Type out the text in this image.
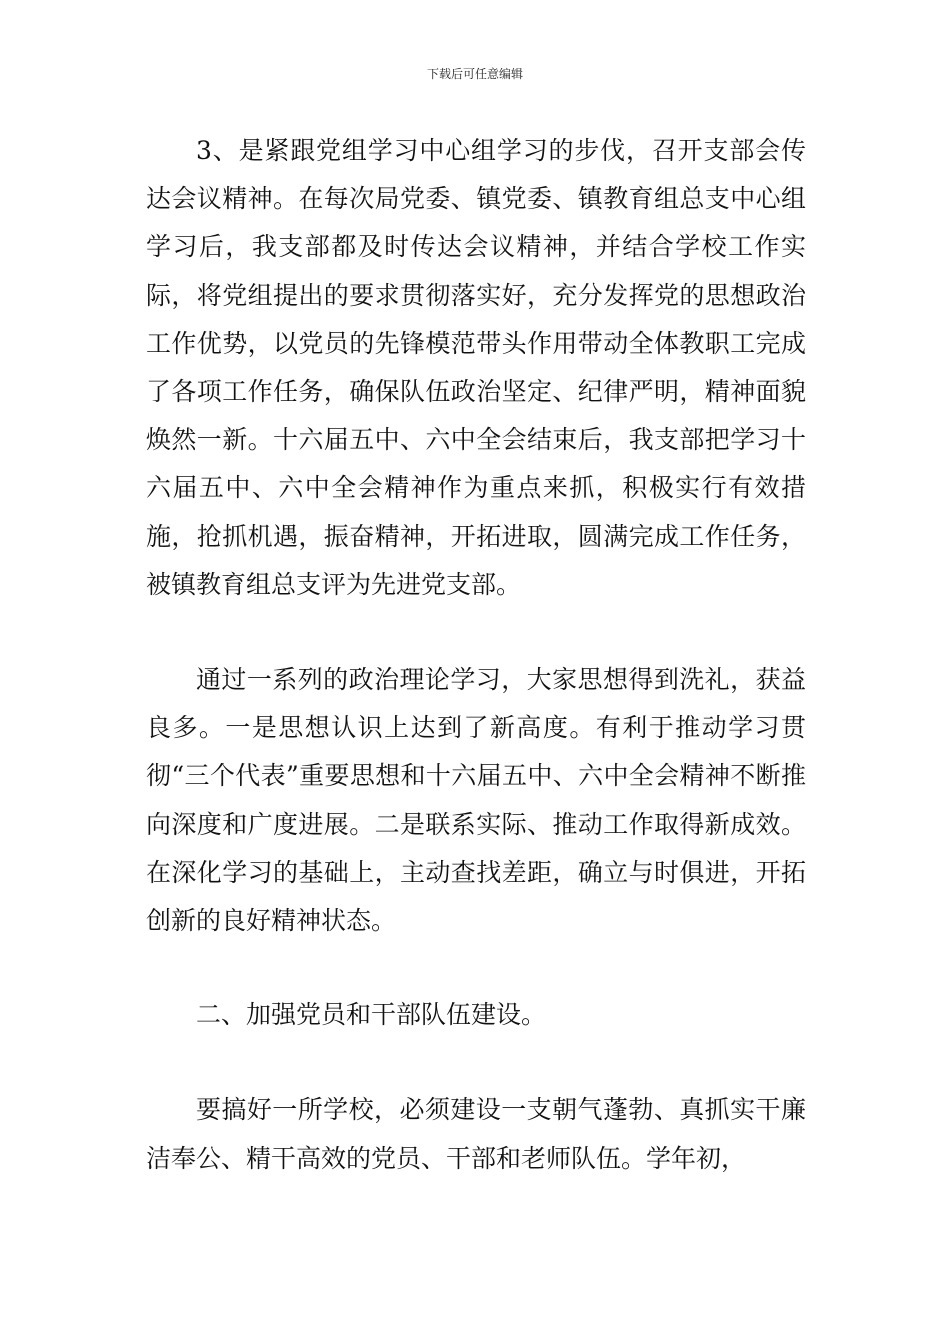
下载后可任意编辑

3、是紧跟党组学习中心组学习的步伐，召开支部会传达会议精神。在每次局党委、镇党委、镇教育组总支中心组学习后，我支部都及时传达会议精神，并结合学校工作实际，将党组提出的要求贯彻落实好，充分发挥党的思想政治工作优势，以党员的先锋模范带头作用带动全体教职工完成了各项工作任务，确保队伍政治坚定、纪律严明，精神面貌焕然一新。十六届五中、六中全会结束后，我支部把学习十六届五中、六中全会精神作为重点来抓，积极实行有效措施，抢抓机遇，振奋精神，开拓进取，圆满完成工作任务，被镇教育组总支评为先进党支部。

通过一系列的政治理论学习，大家思想得到洗礼，获益良多。一是思想认识上达到了新高度。有利于推动学习贯彻“三个代表”重要思想和十六届五中、六中全会精神不断推向深度和广度进展。二是联系实际、推动工作取得新成效。在深化学习的基础上，主动查找差距，确立与时俱进，开拓创新的良好精神状态。

二、加强党员和干部队伍建设。

要搞好一所学校，必须建设一支朝气蓬勃、真抓实干廉洁奉公、精干高效的党员、干部和老师队伍。学年初，
